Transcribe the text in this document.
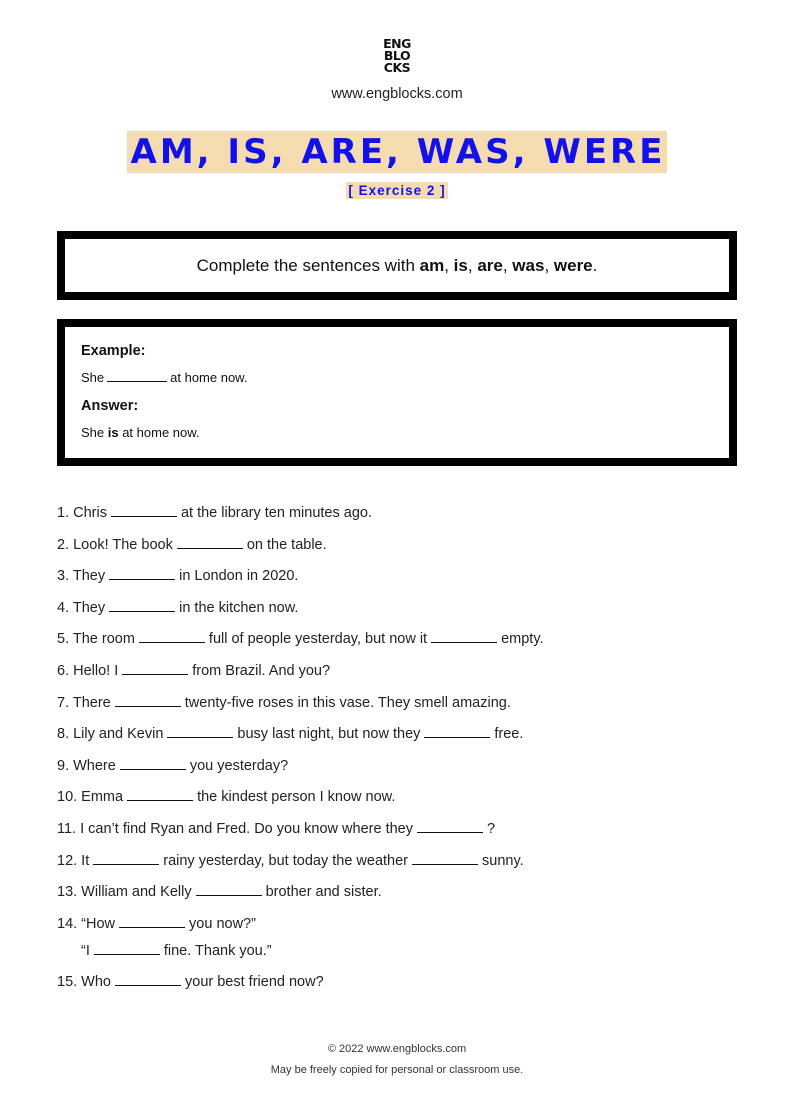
ENG
BLO
CKS
www.engblocks.com
AM, IS, ARE, WAS, WERE
[ Exercise 2 ]
Complete the sentences with am, is, are, was, were.
Example:
She	at home now.
Answer:
She is at home now.
1. Chris	at the library ten minutes ago.
2. Look! The book	on the table.
3. They	in London in 2020.
4. They	in the kitchen now.
5. The room	full of people yesterday, but now it	empty.
6. Hello! I	from Brazil. And you?
7. There	twenty-five roses in this vase. They smell amazing.
8. Lily and Kevin	busy last night, but now they	free.
9. Where	you yesterday?
10. Emma	the kindest person I know now.
11. I can’t find Ryan and Fred. Do you know where they	?
12. It	rainy yesterday, but today the weather	sunny.
13. William and Kelly	brother and sister.
14. “How	you now?”
“I	fine. Thank you.”
15. Who	your best friend now?
© 2022 www.engblocks.com
May be freely copied for personal or classroom use.
